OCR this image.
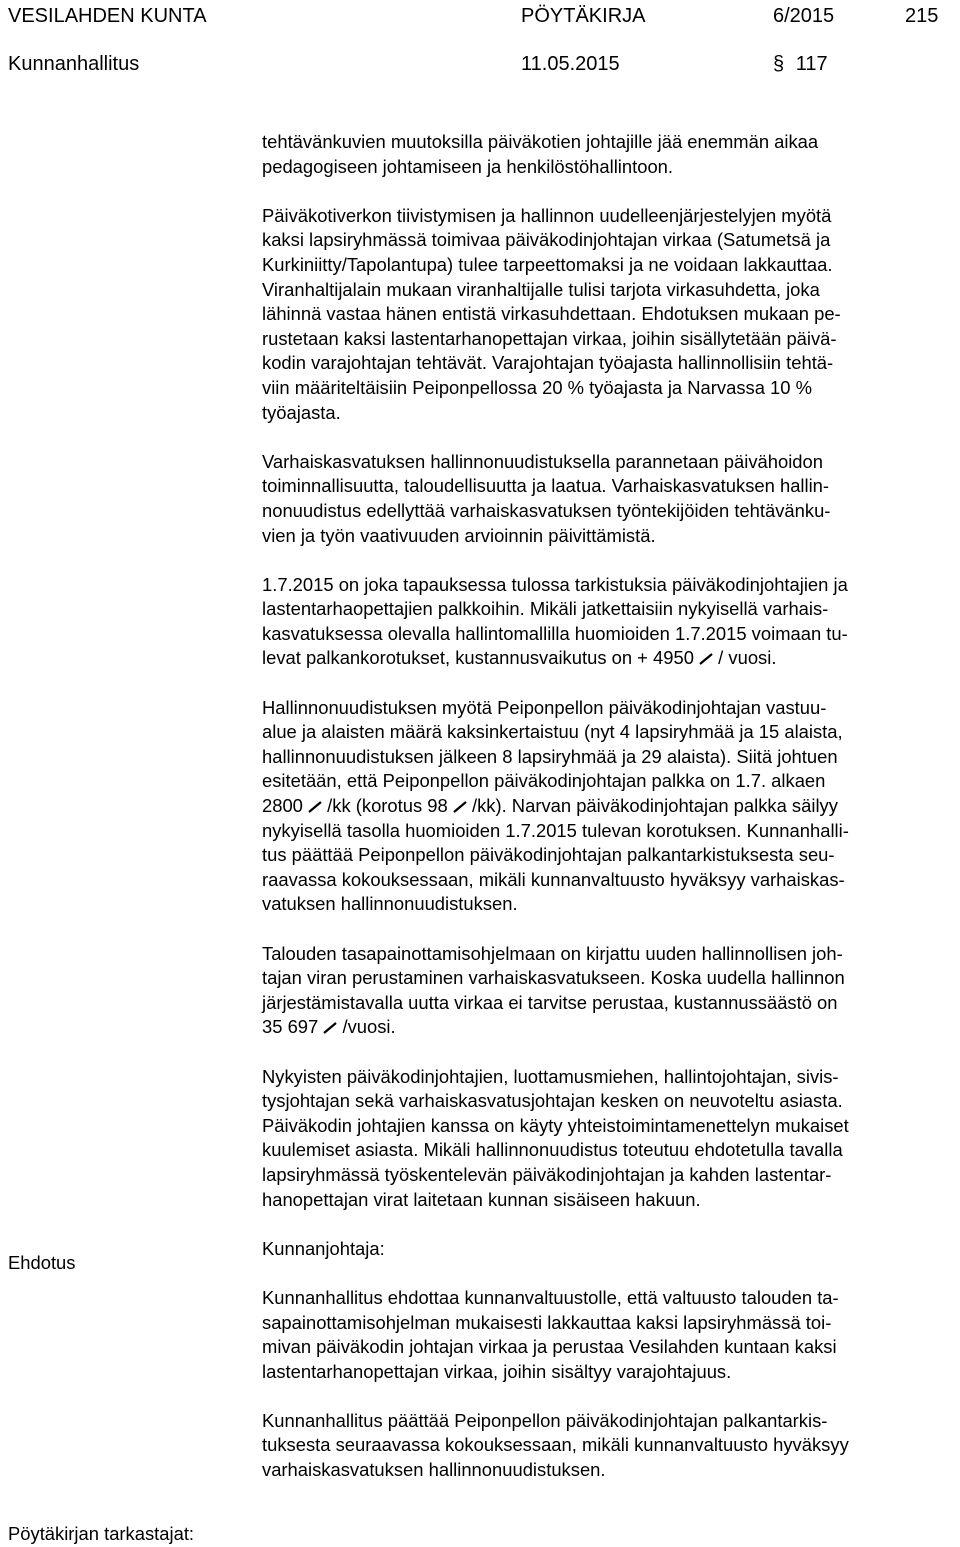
VESILAHDEN KUNTA	PÖYTÄKIRJA	6/2015	215
Kunnanhallitus	11.05.2015	§ 117

tehtävänkuvien muutoksilla päiväkotien johtajille jää enemmän aikaa
pedagogiseen johtamiseen ja henkilöstöhallintoon.

Päiväkotiverkon tiivistymisen ja hallinnon uudelleenjärjestelyjen myötä
kaksi lapsiryhmässä toimivaa päiväkodinjohtajan virkaa (Satumetsä ja
Kurkiniitty/Tapolantupa) tulee tarpeettomaksi ja ne voidaan lakkauttaa.
Viranhaltijalain mukaan viranhaltijalle tulisi tarjota virkasuhdetta, joka
lähinnä vastaa hänen entistä virkasuhdettaan. Ehdotuksen mukaan pe-
rustetaan kaksi lastentarhanopettajan virkaa, joihin sisällytetään päivä-
kodin varajohtajan tehtävät. Varajohtajan työajasta hallinnollisiin tehtä-
viin määriteltäisiin Peiponpellossa 20 % työajasta ja Narvassa 10 %
työajasta.

Varhaiskasvatuksen hallinnonuudistuksella parannetaan päivähoidon
toiminnallisuutta, taloudellisuutta ja laatua. Varhaiskasvatuksen hallin-
nonuudistus edellyttää varhaiskasvatuksen työntekijöiden tehtävänku-
vien ja työn vaativuuden arvioinnin päivittämistä.

1.7.2015 on joka tapauksessa tulossa tarkistuksia päiväkodinjohtajien ja
lastentarhaopettajien palkkoihin. Mikäli jatkettaisiin nykyisellä varhais-
kasvatuksessa olevalla hallintomallilla huomioiden 1.7.2015 voimaan tu-
levat palkankorotukset, kustannusvaikutus on + 4950  / vuosi.

Hallinnonuudistuksen myötä Peiponpellon päiväkodinjohtajan vastuu-
alue ja alaisten määrä kaksinkertaistuu (nyt 4 lapsiryhmää ja 15 alaista,
hallinnonuudistuksen jälkeen 8 lapsiryhmää ja 29 alaista). Siitä johtuen
esitetään, että Peiponpellon päiväkodinjohtajan palkka on 1.7. alkaen
2800  /kk (korotus 98  /kk). Narvan päiväkodinjohtajan palkka säilyy
nykyisellä tasolla huomioiden 1.7.2015 tulevan korotuksen. Kunnanhalli-
tus päättää Peiponpellon päiväkodinjohtajan palkantarkistuksesta seu-
raavassa kokouksessaan, mikäli kunnanvaltuusto hyväksyy varhaiskas-
vatuksen hallinnonuudistuksen.

Talouden tasapainottamisohjelmaan on kirjattu uuden hallinnollisen joh-
tajan viran perustaminen varhaiskasvatukseen. Koska uudella hallinnon
järjestämistavalla uutta virkaa ei tarvitse perustaa, kustannussäästö on
35 697  /vuosi.

Nykyisten päiväkodinjohtajien, luottamusmiehen, hallintojohtajan, sivis-
tysjohtajan sekä varhaiskasvatusjohtajan kesken on neuvoteltu asiasta.
Päiväkodin johtajien kanssa on käyty yhteistoimintamenettelyn mukaiset
kuulemiset asiasta. Mikäli hallinnonuudistus toteutuu ehdotetulla tavalla
lapsiryhmässä työskentelevän päiväkodinjohtajan ja kahden lastentar-
hanopettajan virat laitetaan kunnan sisäiseen hakuun.

Kunnanjohtaja:

Kunnanhallitus ehdottaa kunnanvaltuustolle, että valtuusto talouden ta-
sapainottamisohjelman mukaisesti lakkauttaa kaksi lapsiryhmässä toi-
mivan päiväkodin johtajan virkaa ja perustaa Vesilahden kuntaan kaksi
lastentarhanopettajan virkaa, joihin sisältyy varajohtajuus.

Kunnanhallitus päättää Peiponpellon päiväkodinjohtajan palkantarkis-
tuksesta seuraavassa kokouksessaan, mikäli kunnanvaltuusto hyväksyy
varhaiskasvatuksen hallinnonuudistuksen.

Ehdotus
Pöytäkirjan tarkastajat:
